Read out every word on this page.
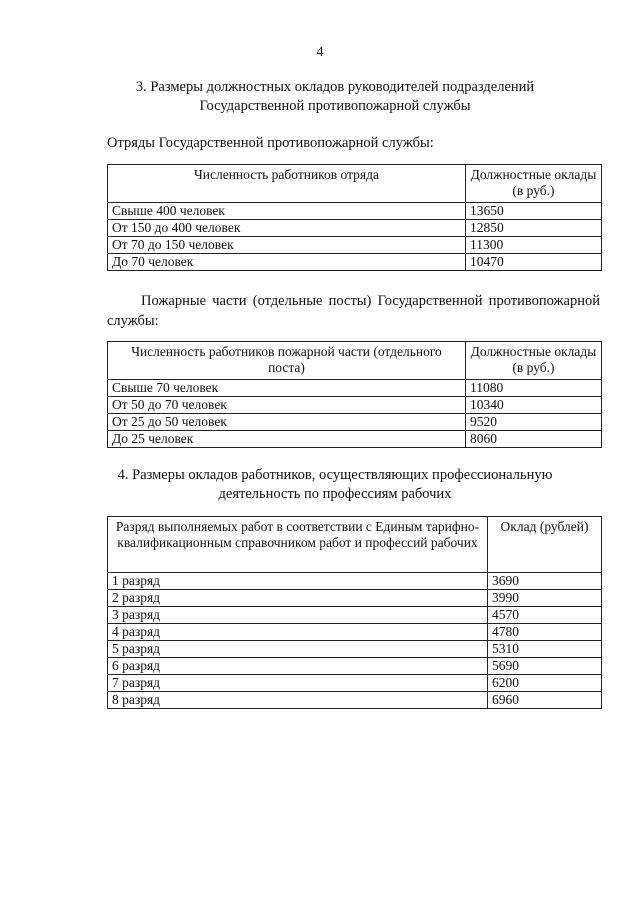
4

3. Размеры должностных окладов руководителей подразделений

Государственной противопожарной службы

Отряды Государственной противопожарной службы:

Численность работников отряда	Должностные оклады (в руб.)
Свыше 400 человек	13650
От 150 до 400 человек	12850
От 70 до 150 человек	11300
До 70 человек	10470

Пожарные части (отдельные посты) Государственной противопожарной службы:

Численность работников пожарной части (отдельного поста)	Должностные оклады (в руб.)
Свыше 70 человек	11080
От 50 до 70 человек	10340
От 25 до 50 человек	9520
До 25 человек	8060

4. Размеры окладов работников, осуществляющих профессиональную

деятельность по профессиям рабочих

Разряд выполняемых работ в соответствии с Единым тарифно-квалификационным справочником работ и профессий рабочих	Оклад (рублей)
1 разряд	3690
2 разряд	3990
3 разряд	4570
4 разряд	4780
5 разряд	5310
6 разряд	5690
7 разряд	6200
8 разряд	6960
